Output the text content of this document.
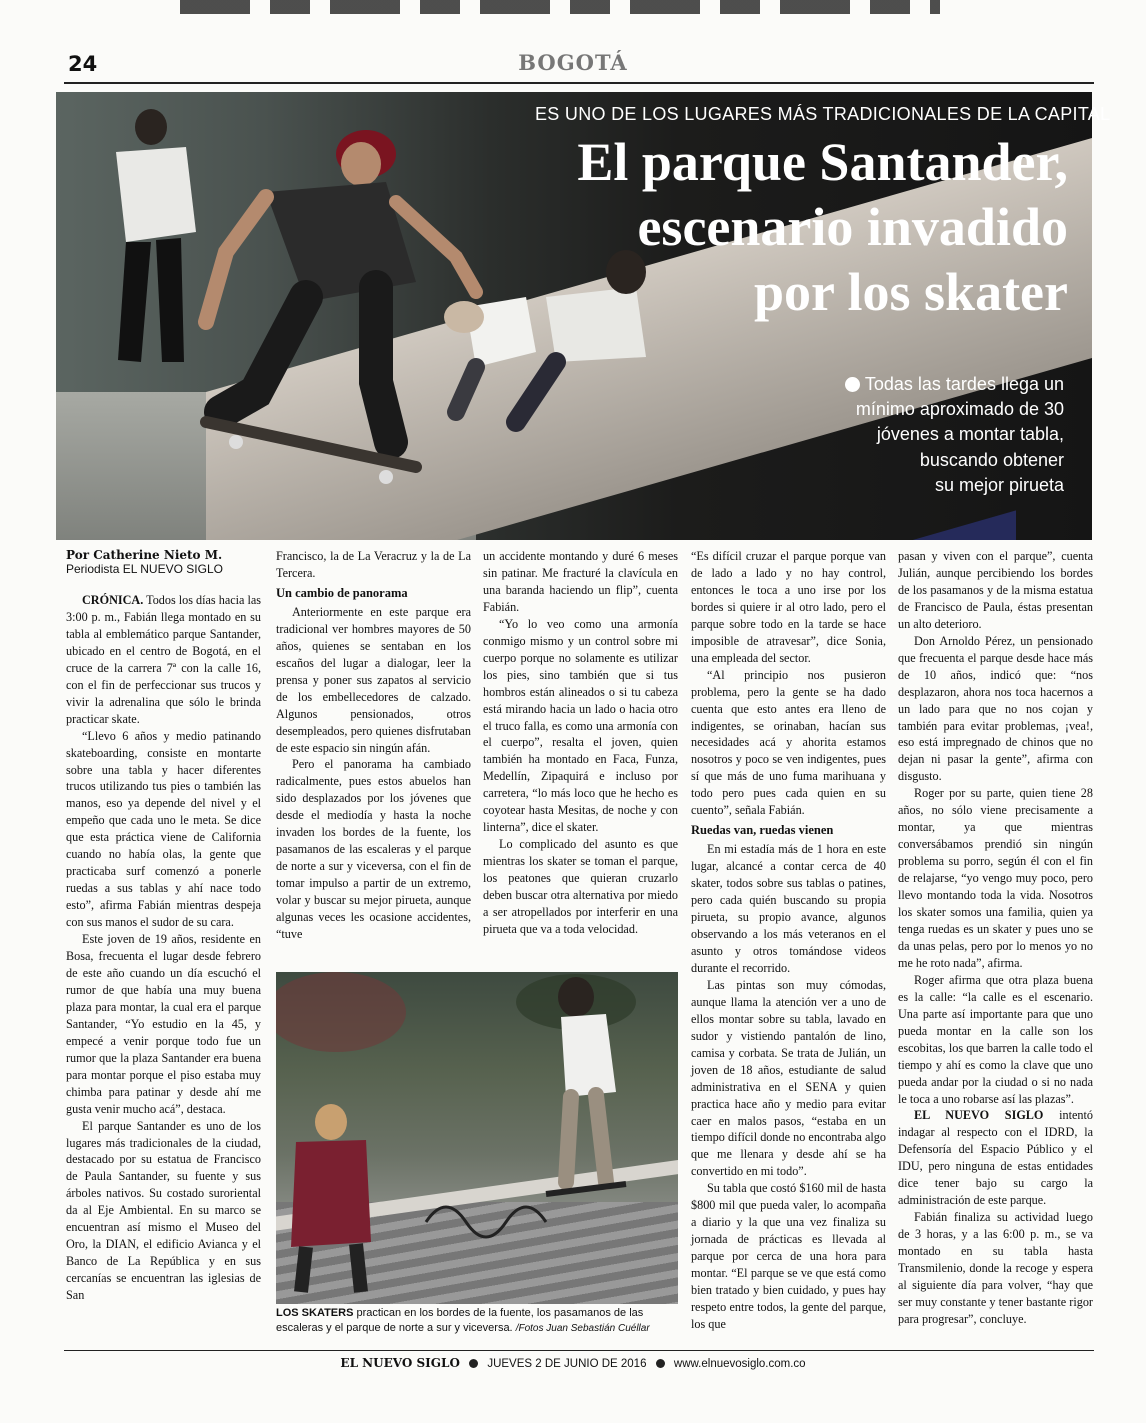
24	BOGOTÁ
ES UNO DE LOS LUGARES MÁS TRADICIONALES DE LA CAPITAL
El parque Santander,
escenario invadido
por los skater
Todas las tardes llega un
mínimo aproximado de 30
jóvenes a montar tabla,
buscando obtener
su mejor pirueta

Por Catherine Nieto M.

Periodista EL NUEVO SIGLO

CRÓNICA. Todos los días hacia las 3:00 p. m., Fabián llega montado en su tabla al emblemático parque Santander, ubicado en el centro de Bogotá, en el cruce de la carrera 7ª con la calle 16, con el fin de perfeccionar sus trucos y vivir la adrenalina que sólo le brinda practicar skate.

“Llevo 6 años y medio patinando skateboarding, consiste en montarte sobre una tabla y hacer diferentes trucos utilizando tus pies o también las manos, eso ya depende del nivel y el empeño que cada uno le meta. Se dice que esta práctica viene de California cuando no había olas, la gente que practicaba surf comenzó a ponerle ruedas a sus tablas y ahí nace todo esto”, afirma Fabián mientras despeja con sus manos el sudor de su cara.

Este joven de 19 años, residente en Bosa, frecuenta el lugar desde febrero de este año cuando un día escuchó el rumor de que había una muy buena plaza para montar, la cual era el parque Santander, “Yo estudio en la 45, y empecé a venir porque todo fue un rumor que la plaza Santander era buena para montar porque el piso estaba muy chimba para patinar y desde ahí me gusta venir mucho acá”, destaca.

El parque Santander es uno de los lugares más tradicionales de la ciudad, destacado por su estatua de Francisco de Paula Santander, su fuente y sus árboles nativos. Su costado suroriental da al Eje Ambiental. En su marco se encuentran así mismo el Museo del Oro, la DIAN, el edificio Avianca y el Banco de La República y en sus cercanías se encuentran las iglesias de San

Francisco, la de La Veracruz y la de La Tercera.

Un cambio de panorama

Anteriormente en este parque era tradicional ver hombres mayores de 50 años, quienes se sentaban en los escaños del lugar a dialogar, leer la prensa y poner sus zapatos al servicio de los embellecedores de calzado. Algunos pensionados, otros desempleados, pero quienes disfrutaban de este espacio sin ningún afán.

Pero el panorama ha cambiado radicalmente, pues estos abuelos han sido desplazados por los jóvenes que desde el mediodía y hasta la noche invaden los bordes de la fuente, los pasamanos de las escaleras y el parque de norte a sur y viceversa, con el fin de tomar impulso a partir de un extremo, volar y buscar su mejor pirueta, aunque algunas veces les ocasione accidentes, “tuve

un accidente montando y duré 6 meses sin patinar. Me fracturé la clavícula en una baranda haciendo un flip”, cuenta Fabián.

“Yo lo veo como una armonía conmigo mismo y un control sobre mi cuerpo porque no solamente es utilizar los pies, sino también que si tus hombros están alineados o si tu cabeza está mirando hacia un lado o hacia otro el truco falla, es como una armonía con el cuerpo”, resalta el joven, quien también ha montado en Faca, Funza, Medellín, Zipaquirá e incluso por carretera, “lo más loco que he hecho es coyotear hasta Mesitas, de noche y con linterna”, dice el skater.

Lo complicado del asunto es que mientras los skater se toman el parque, los peatones que quieran cruzarlo deben buscar otra alternativa por miedo a ser atropellados por interferir en una pirueta que va a toda velocidad.

“Es difícil cruzar el parque porque van de lado a lado y no hay control, entonces le toca a uno irse por los bordes si quiere ir al otro lado, pero el parque sobre todo en la tarde se hace imposible de atravesar”, dice Sonia, una empleada del sector.

“Al principio nos pusieron problema, pero la gente se ha dado cuenta que esto antes era lleno de indigentes, se orinaban, hacían sus necesidades acá y ahorita estamos nosotros y poco se ven indigentes, pues sí que más de uno fuma marihuana y todo pero pues cada quien en su cuento”, señala Fabián.

Ruedas van, ruedas vienen

En mi estadía más de 1 hora en este lugar, alcancé a contar cerca de 40 skater, todos sobre sus tablas o patines, pero cada quién buscando su propia pirueta, su propio avance, algunos observando a los más veteranos en el asunto y otros tomándose videos durante el recorrido.

Las pintas son muy cómodas, aunque llama la atención ver a uno de ellos montar sobre su tabla, lavado en sudor y vistiendo pantalón de lino, camisa y corbata. Se trata de Julián, un joven de 18 años, estudiante de salud administrativa en el SENA y quien practica hace año y medio para evitar caer en malos pasos, “estaba en un tiempo difícil donde no encontraba algo que me llenara y desde ahí se ha convertido en mi todo”.

Su tabla que costó $160 mil de hasta $800 mil que pueda valer, lo acompaña a diario y la que una vez finaliza su jornada de prácticas es llevada al parque por cerca de una hora para montar. “El parque se ve que está como bien tratado y bien cuidado, y pues hay respeto entre todos, la gente del parque, los que

pasan y viven con el parque”, cuenta Julián, aunque percibiendo los bordes de los pasamanos y de la misma estatua de Francisco de Paula, éstas presentan un alto deterioro.

Don Arnoldo Pérez, un pensionado que frecuenta el parque desde hace más de 10 años, indicó que: “nos desplazaron, ahora nos toca hacernos a un lado para que no nos cojan y también para evitar problemas, ¡vea!, eso está impregnado de chinos que no dejan ni pasar la gente”, afirma con disgusto.

Roger por su parte, quien tiene 28 años, no sólo viene precisamente a montar, ya que mientras conversábamos prendió sin ningún problema su porro, según él con el fin de relajarse, “yo vengo muy poco, pero llevo montando toda la vida. Nosotros los skater somos una familia, quien ya tenga ruedas es un skater y pues uno se da unas pelas, pero por lo menos yo no me he roto nada”, afirma.

Roger afirma que otra plaza buena es la calle: “la calle es el escenario. Una parte así importante para que uno pueda montar en la calle son los escobitas, los que barren la calle todo el tiempo y ahí es como la clave que uno pueda andar por la ciudad o si no nada le toca a uno robarse así las plazas”.

EL NUEVO SIGLO intentó indagar al respecto con el IDRD, la Defensoría del Espacio Público y el IDU, pero ninguna de estas entidades dice tener bajo su cargo la administración de este parque.

Fabián finaliza su actividad luego de 3 horas, y a las 6:00 p. m., se va montado en su tabla hasta Transmilenio, donde la recoge y espera al siguiente día para volver, “hay que ser muy constante y tener bastante rigor para progresar”, concluye.

LOS SKATERS practican en los bordes de la fuente, los pasamanos de las escaleras y el parque de norte a sur y viceversa. /Fotos Juan Sebastián Cuéllar
EL NUEVO SIGLO JUEVES 2 DE JUNIO DE 2016 www.elnuevosiglo.com.co
